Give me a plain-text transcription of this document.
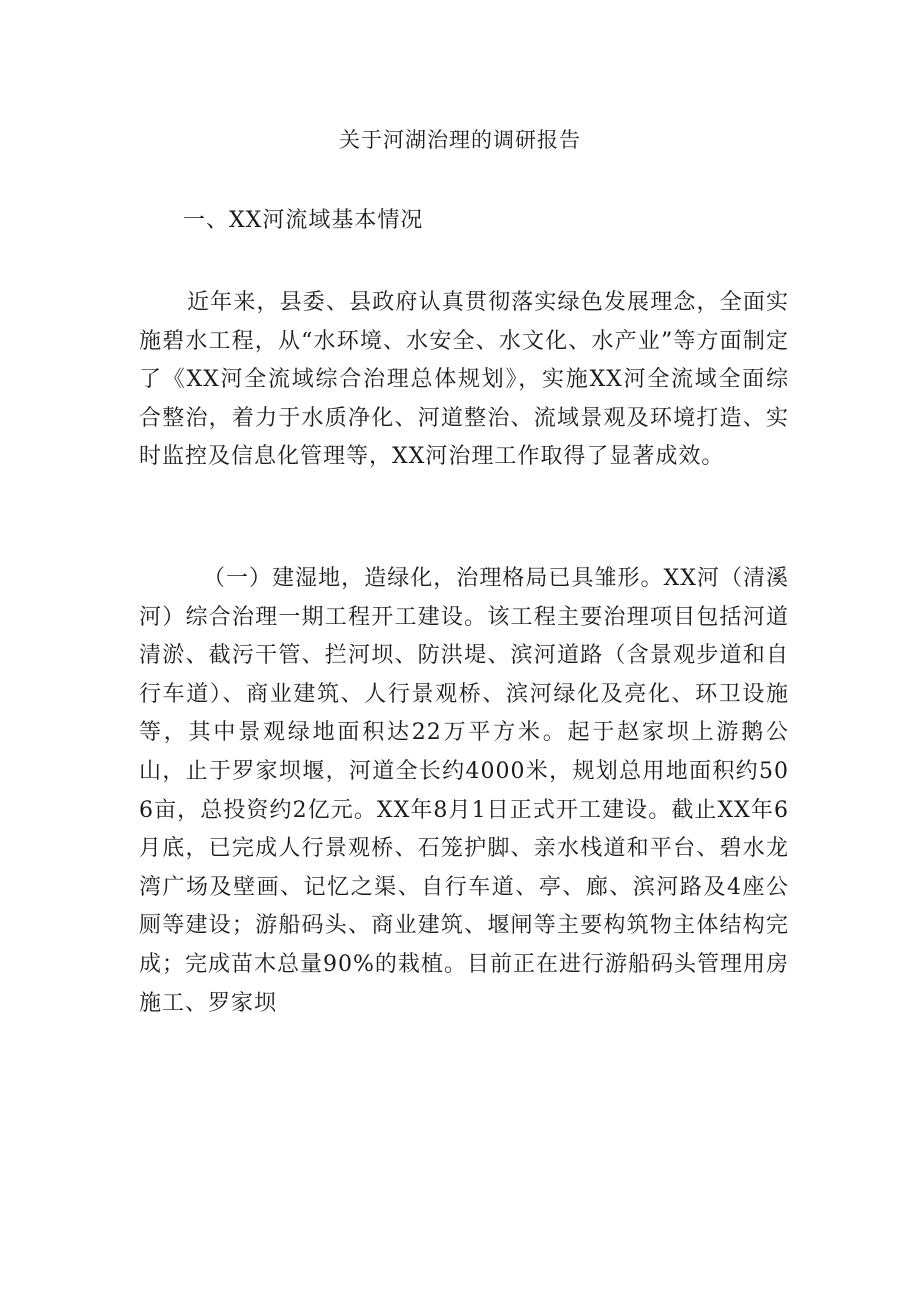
关于河湖治理的调研报告
一、XX河流域基本情况

近年来，县委、县政府认真贯彻落实绿色发展理念，全面实施碧水工程，从“水环境、水安全、水文化、水产业”等方面制定了《XX河全流域综合治理总体规划》，实施XX河全流域全面综合整治，着力于水质净化、河道整治、流域景观及环境打造、实时监控及信息化管理等，XX河治理工作取得了显著成效。

（一）建湿地，造绿化，治理格局已具雏形。XX河（清溪河）综合治理一期工程开工建设。该工程主要治理项目包括河道清淤、截污干管、拦河坝、防洪堤、滨河道路（含景观步道和自行车道）、商业建筑、人行景观桥、滨河绿化及亮化、环卫设施等，其中景观绿地面积达22万平方米。起于赵家坝上游鹅公山，止于罗家坝堰，河道全长约4000米，规划总用地面积约506亩，总投资约2亿元。XX年8月1日正式开工建设。截止XX年6月底，已完成人行景观桥、石笼护脚、亲水栈道和平台、碧水龙湾广场及壁画、记忆之渠、自行车道、亭、廊、滨河路及4座公厕等建设；游船码头、商业建筑、堰闸等主要构筑物主体结构完成；完成苗木总量90%的栽植。目前正在进行游船码头管理用房施工、罗家坝
